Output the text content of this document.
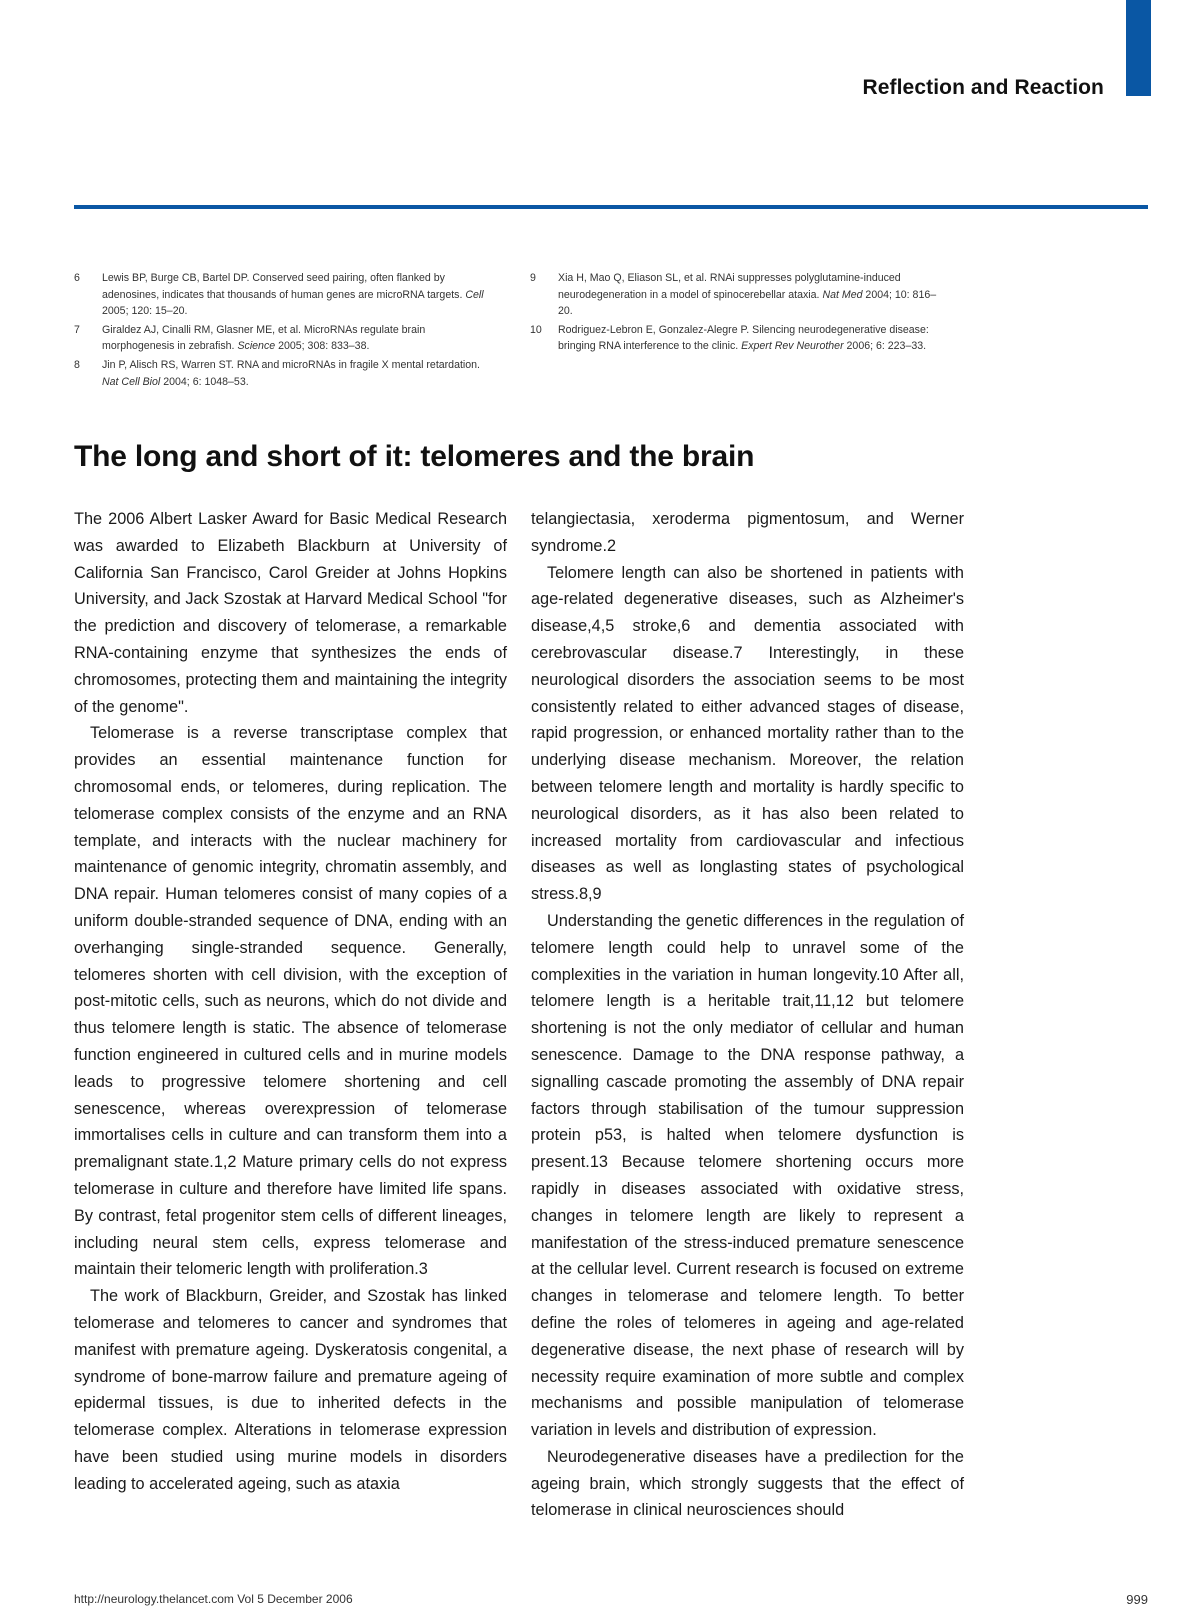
Reflection and Reaction
6	Lewis BP, Burge CB, Bartel DP. Conserved seed pairing, often flanked by adenosines, indicates that thousands of human genes are microRNA targets. Cell 2005; 120: 15–20.
7	Giraldez AJ, Cinalli RM, Glasner ME, et al. MicroRNAs regulate brain morphogenesis in zebrafish. Science 2005; 308: 833–38.
8	Jin P, Alisch RS, Warren ST. RNA and microRNAs in fragile X mental retardation. Nat Cell Biol 2004; 6: 1048–53.
9	Xia H, Mao Q, Eliason SL, et al. RNAi suppresses polyglutamine-induced neurodegeneration in a model of spinocerebellar ataxia. Nat Med 2004; 10: 816–20.
10	Rodriguez-Lebron E, Gonzalez-Alegre P. Silencing neurodegenerative disease: bringing RNA interference to the clinic. Expert Rev Neurother 2006; 6: 223–33.
The long and short of it: telomeres and the brain

The 2006 Albert Lasker Award for Basic Medical Research was awarded to Elizabeth Blackburn at University of California San Francisco, Carol Greider at Johns Hopkins University, and Jack Szostak at Harvard Medical School "for the prediction and discovery of telomerase, a remarkable RNA-containing enzyme that synthesizes the ends of chromosomes, protecting them and maintaining the integrity of the genome".

Telomerase is a reverse transcriptase complex that provides an essential maintenance function for chromosomal ends, or telomeres, during replication. The telomerase complex consists of the enzyme and an RNA template, and interacts with the nuclear machinery for maintenance of genomic integrity, chromatin assembly, and DNA repair. Human telomeres consist of many copies of a uniform double-stranded sequence of DNA, ending with an overhanging single-stranded sequence. Generally, telomeres shorten with cell division, with the exception of post-mitotic cells, such as neurons, which do not divide and thus telomere length is static. The absence of telomerase function engineered in cultured cells and in murine models leads to progressive telomere shortening and cell senescence, whereas overexpression of telomerase immortalises cells in culture and can transform them into a premalignant state.1,2 Mature primary cells do not express telomerase in culture and therefore have limited life spans. By contrast, fetal progenitor stem cells of different lineages, including neural stem cells, express telomerase and maintain their telomeric length with proliferation.3

The work of Blackburn, Greider, and Szostak has linked telomerase and telomeres to cancer and syndromes that manifest with premature ageing. Dyskeratosis congenital, a syndrome of bone-marrow failure and premature ageing of epidermal tissues, is due to inherited defects in the telomerase complex. Alterations in telomerase expression have been studied using murine models in disorders leading to accelerated ageing, such as ataxia

telangiectasia, xeroderma pigmentosum, and Werner syndrome.2

Telomere length can also be shortened in patients with age-related degenerative diseases, such as Alzheimer's disease,4,5 stroke,6 and dementia associated with cerebrovascular disease.7 Interestingly, in these neurological disorders the association seems to be most consistently related to either advanced stages of disease, rapid progression, or enhanced mortality rather than to the underlying disease mechanism. Moreover, the relation between telomere length and mortality is hardly specific to neurological disorders, as it has also been related to increased mortality from cardiovascular and infectious diseases as well as longlasting states of psychological stress.8,9

Understanding the genetic differences in the regulation of telomere length could help to unravel some of the complexities in the variation in human longevity.10 After all, telomere length is a heritable trait,11,12 but telomere shortening is not the only mediator of cellular and human senescence. Damage to the DNA response pathway, a signalling cascade promoting the assembly of DNA repair factors through stabilisation of the tumour suppression protein p53, is halted when telomere dysfunction is present.13 Because telomere shortening occurs more rapidly in diseases associated with oxidative stress, changes in telomere length are likely to represent a manifestation of the stress-induced premature senescence at the cellular level. Current research is focused on extreme changes in telomerase and telomere length. To better define the roles of telomeres in ageing and age-related degenerative disease, the next phase of research will by necessity require examination of more subtle and complex mechanisms and possible manipulation of telomerase variation in levels and distribution of expression.

Neurodegenerative diseases have a predilection for the ageing brain, which strongly suggests that the effect of telomerase in clinical neurosciences should

http://neurology.thelancet.com Vol 5 December 2006	999
